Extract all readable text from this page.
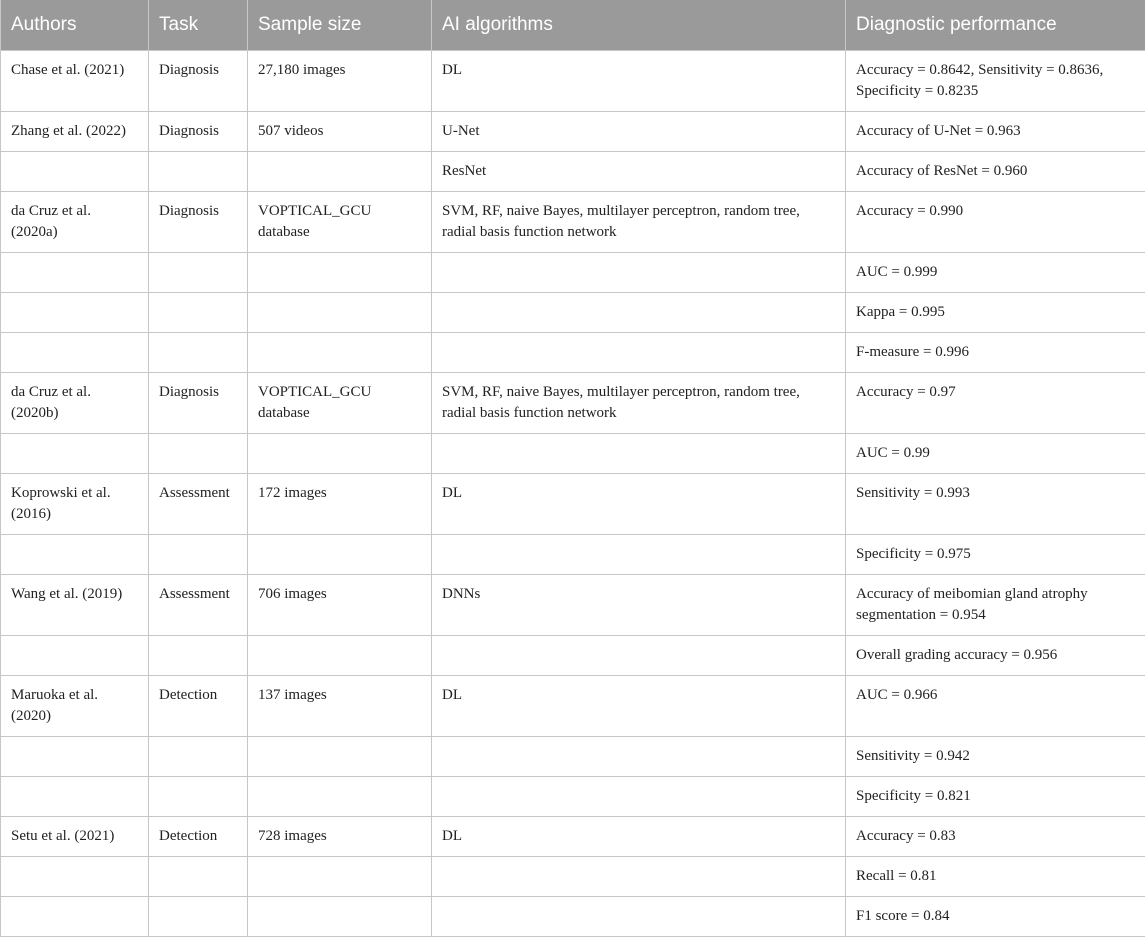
Authors	Task	Sample size	AI algorithms	Diagnostic performance
Chase et al. (2021)	Diagnosis	27,180 images	DL	Accuracy = 0.8642, Sensitivity = 0.8636, Specificity = 0.8235
Zhang et al. (2022)	Diagnosis	507 videos	U-Net	Accuracy of U-Net = 0.963
			ResNet	Accuracy of ResNet = 0.960
da Cruz et al. (2020a)	Diagnosis	VOPTICAL_GCU database	SVM, RF, naive Bayes, multilayer perceptron, random tree, radial basis function network	Accuracy = 0.990
				AUC = 0.999
				Kappa = 0.995
				F-measure = 0.996
da Cruz et al. (2020b)	Diagnosis	VOPTICAL_GCU database	SVM, RF, naive Bayes, multilayer perceptron, random tree, radial basis function network	Accuracy = 0.97
				AUC = 0.99
Koprowski et al. (2016)	Assessment	172 images	DL	Sensitivity = 0.993
				Specificity = 0.975
Wang et al. (2019)	Assessment	706 images	DNNs	Accuracy of meibomian gland atrophy segmentation = 0.954
				Overall grading accuracy = 0.956
Maruoka et al. (2020)	Detection	137 images	DL	AUC = 0.966
				Sensitivity = 0.942
				Specificity = 0.821
Setu et al. (2021)	Detection	728 images	DL	Accuracy = 0.83
				Recall = 0.81
				F1 score = 0.84
